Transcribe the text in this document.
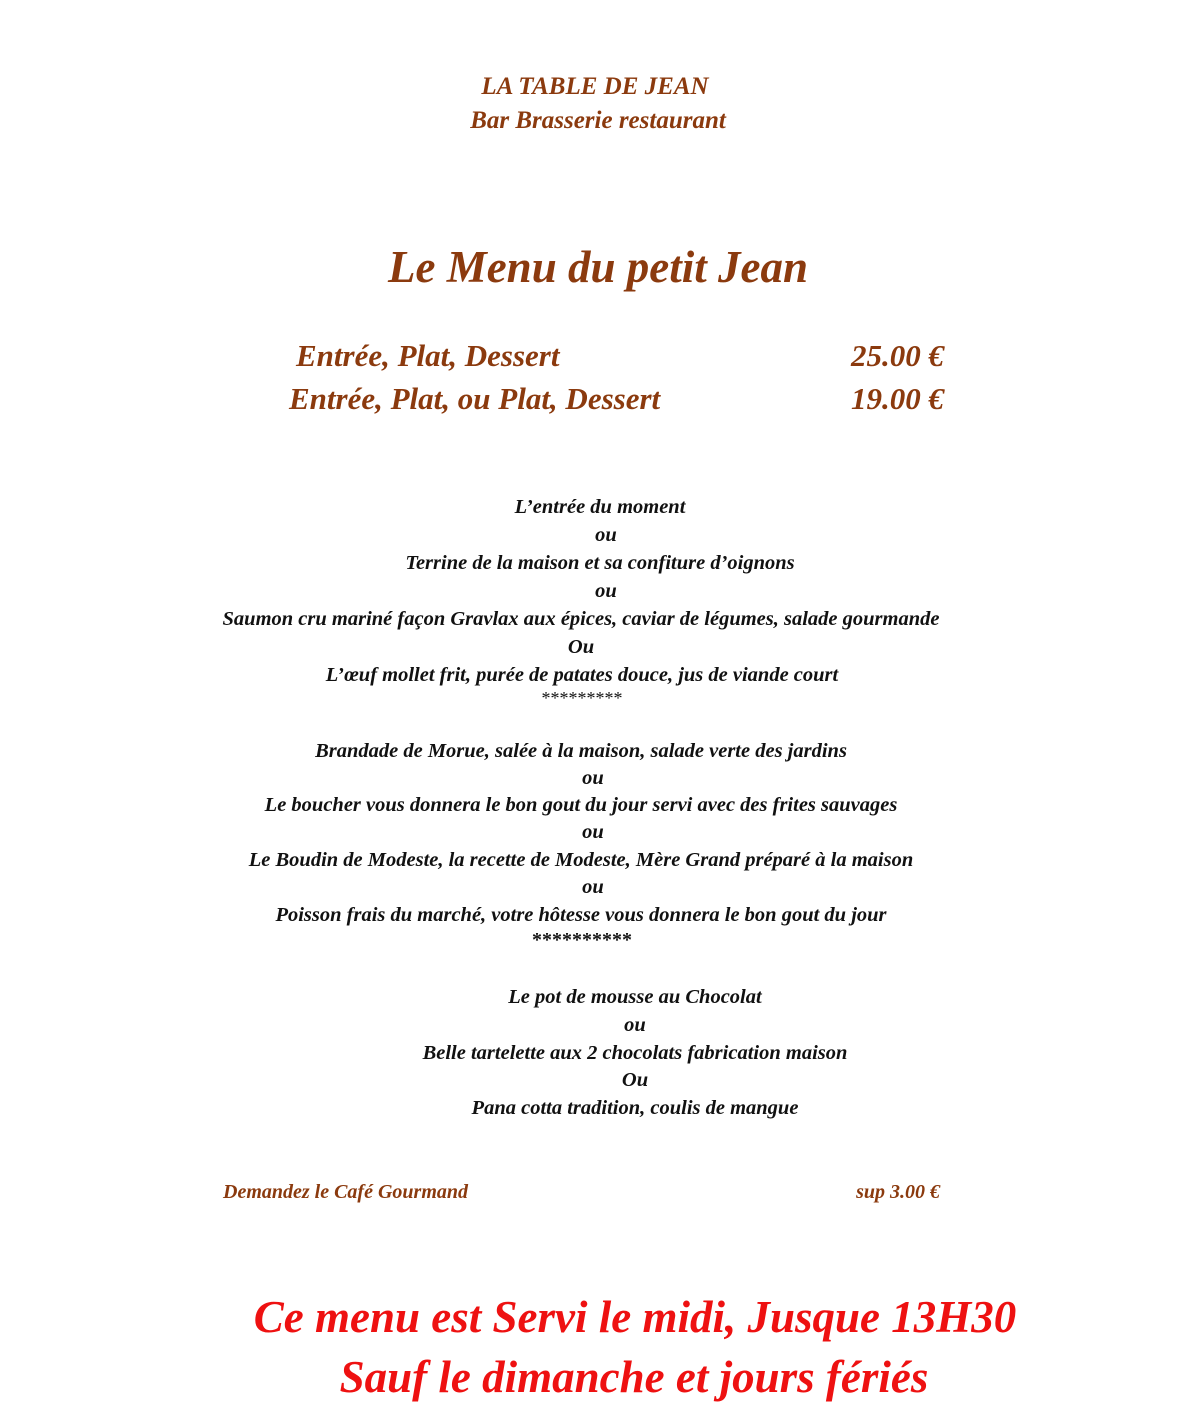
LA TABLE DE JEAN
Bar Brasserie restaurant
Le Menu du petit Jean
Entrée, Plat, Dessert	25.00 €
Entrée, Plat, ou Plat, Dessert	19.00 €
L’entrée du moment
ou
Terrine de la maison et sa confiture d’oignons
ou
Saumon cru mariné façon Gravlax aux épices, caviar de légumes, salade gourmande
Ou
L’œuf mollet frit, purée de patates douce, jus de viande court
*********
Brandade de Morue, salée à la maison, salade verte des jardins
ou
Le boucher vous donnera le bon gout du jour servi avec des frites sauvages
ou
Le Boudin de Modeste, la recette de Modeste, Mère Grand préparé à la maison
ou
Poisson frais du marché, votre hôtesse vous donnera le bon gout du jour
**********
Le pot de mousse au Chocolat
ou
Belle tartelette aux 2 chocolats fabrication maison
Ou
Pana cotta tradition, coulis de mangue
Demandez le Café Gourmand	sup 3.00 €
Ce menu est Servi le midi, Jusque 13H30
Sauf le dimanche et jours fériés
